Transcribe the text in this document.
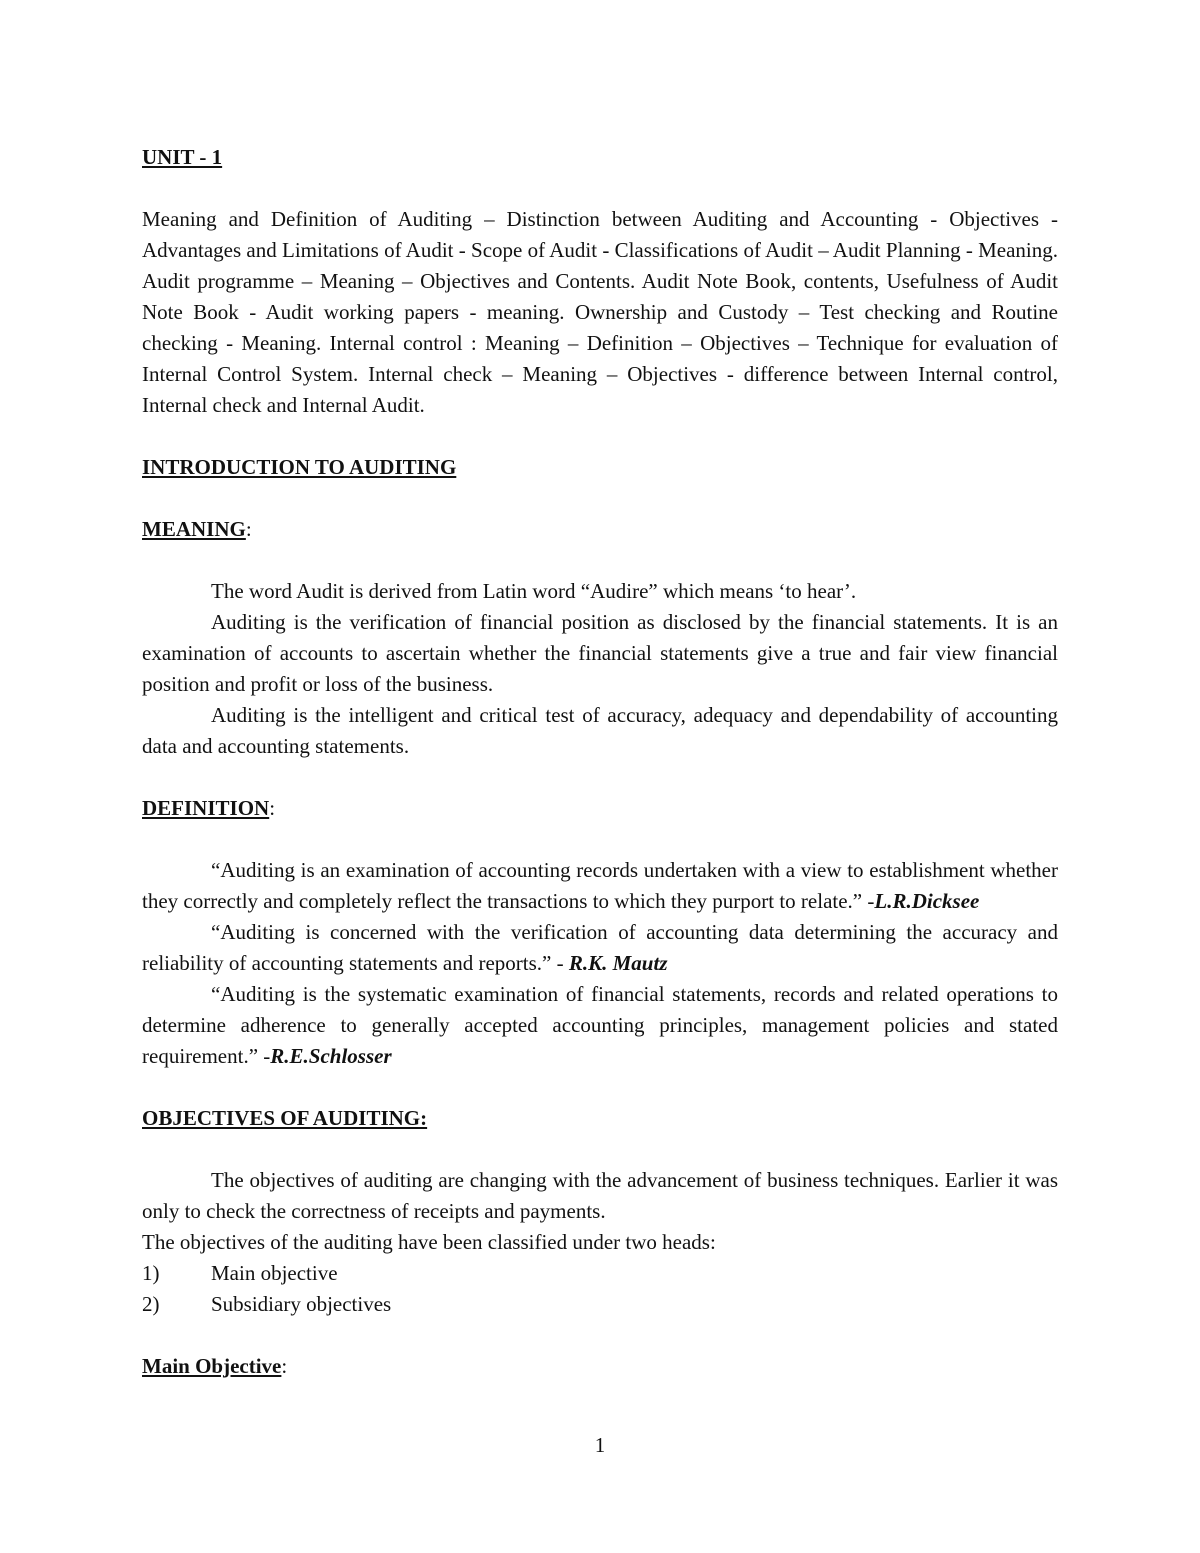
UNIT - 1

Meaning and Definition of Auditing – Distinction between Auditing and Accounting - Objectives - Advantages and Limitations of Audit - Scope of Audit - Classifications of Audit – Audit Planning - Meaning. Audit programme – Meaning – Objectives and Contents. Audit Note Book, contents, Usefulness of Audit Note Book - Audit working papers - meaning. Ownership and Custody – Test checking and Routine checking - Meaning. Internal control : Meaning – Definition – Objectives – Technique for evaluation of Internal Control System. Internal check – Meaning – Objectives - difference between Internal control, Internal check and Internal Audit.

INTRODUCTION TO AUDITING

MEANING:

The word Audit is derived from Latin word “Audire” which means ‘to hear’.

Auditing is the verification of financial position as disclosed by the financial statements. It is an examination of accounts to ascertain whether the financial statements give a true and fair view financial position and profit or loss of the business.

Auditing is the intelligent and critical test of accuracy, adequacy and dependability of accounting data and accounting statements.

DEFINITION:

“Auditing is an examination of accounting records undertaken with a view to establishment whether they correctly and completely reflect the transactions to which they purport to relate.” -L.R.Dicksee

“Auditing is concerned with the verification of accounting data determining the accuracy and reliability of accounting statements and reports.” - R.K. Mautz

“Auditing is the systematic examination of financial statements, records and related operations to determine adherence to generally accepted accounting principles, management policies and stated requirement.” -R.E.Schlosser

OBJECTIVES OF AUDITING:

The objectives of auditing are changing with the advancement of business techniques. Earlier it was only to check the correctness of receipts and payments.

The objectives of the auditing have been classified under two heads:

1)	Main objective

2)	Subsidiary objectives

Main Objective:

1
